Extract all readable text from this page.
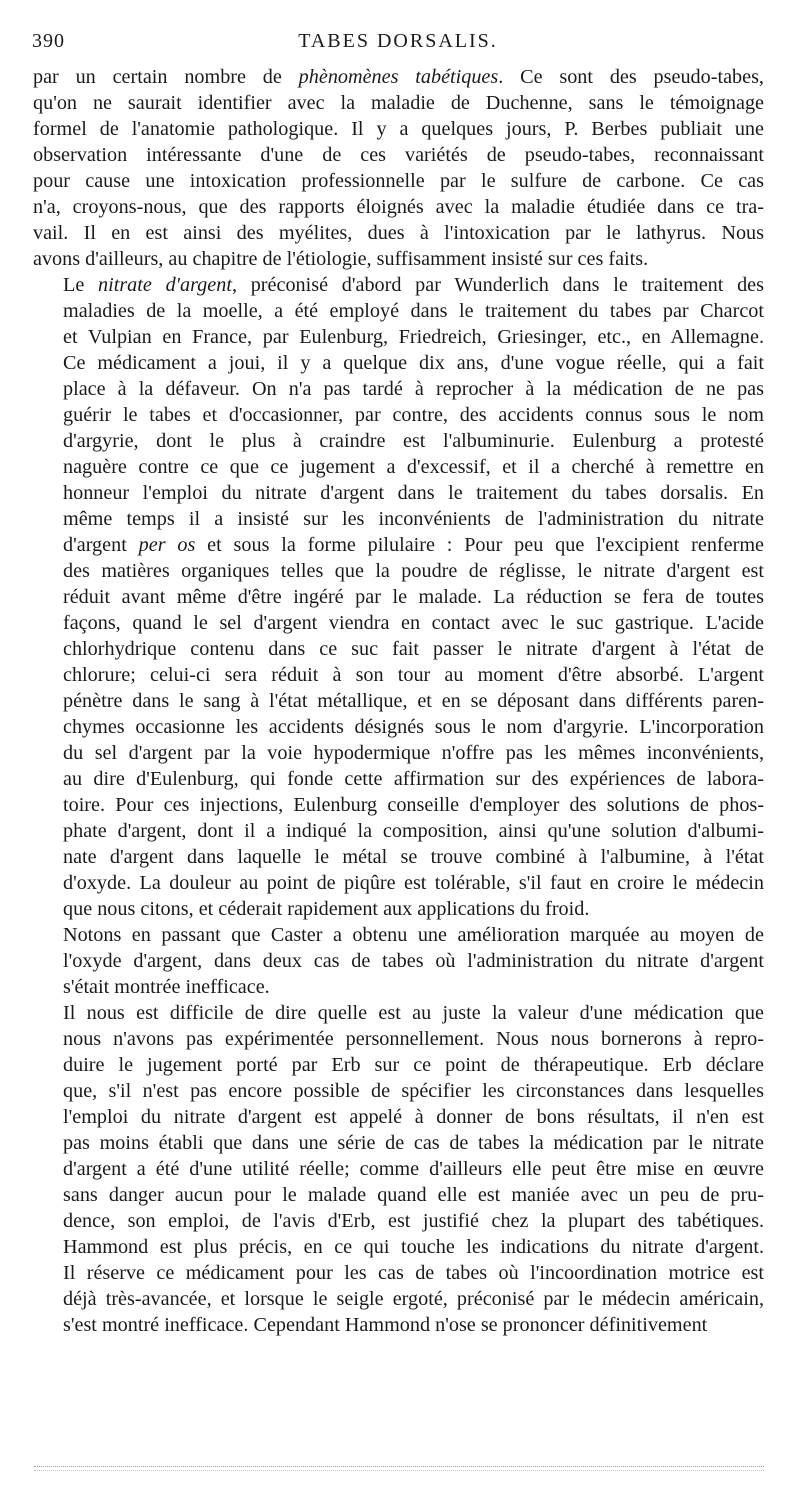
390	TABES DORSALIS.

par un certain nombre de phènomènes tabétiques. Ce sont des pseudo-tabes,
qu'on ne saurait identifier avec la maladie de Duchenne, sans le témoignage
formel de l'anatomie pathologique. Il y a quelques jours, P. Berbes publiait une
observation intéressante d'une de ces variétés de pseudo-tabes, reconnaissant
pour cause une intoxication professionnelle par le sulfure de carbone. Ce cas
n'a, croyons-nous, que des rapports éloignés avec la maladie étudiée dans ce tra-
vail. Il en est ainsi des myélites, dues à l'intoxication par le lathyrus. Nous
avons d'ailleurs, au chapitre de l'étiologie, suffisamment insisté sur ces faits.

Le nitrate d'argent, préconisé d'abord par Wunderlich dans le traitement des
maladies de la moelle, a été employé dans le traitement du tabes par Charcot
et Vulpian en France, par Eulenburg, Friedreich, Griesinger, etc., en Allemagne.
Ce médicament a joui, il y a quelque dix ans, d'une vogue réelle, qui a fait
place à la défaveur. On n'a pas tardé à reprocher à la médication de ne pas
guérir le tabes et d'occasionner, par contre, des accidents connus sous le nom
d'argyrie, dont le plus à craindre est l'albuminurie. Eulenburg a protesté
naguère contre ce que ce jugement a d'excessif, et il a cherché à remettre en
honneur l'emploi du nitrate d'argent dans le traitement du tabes dorsalis. En
même temps il a insisté sur les inconvénients de l'administration du nitrate
d'argent per os et sous la forme pilulaire : Pour peu que l'excipient renferme
des matières organiques telles que la poudre de réglisse, le nitrate d'argent est
réduit avant même d'être ingéré par le malade. La réduction se fera de toutes
façons, quand le sel d'argent viendra en contact avec le suc gastrique. L'acide
chlorhydrique contenu dans ce suc fait passer le nitrate d'argent à l'état de
chlorure; celui-ci sera réduit à son tour au moment d'être absorbé. L'argent
pénètre dans le sang à l'état métallique, et en se déposant dans différents paren-
chymes occasionne les accidents désignés sous le nom d'argyrie. L'incorporation
du sel d'argent par la voie hypodermique n'offre pas les mêmes inconvénients,
au dire d'Eulenburg, qui fonde cette affirmation sur des expériences de labora-
toire. Pour ces injections, Eulenburg conseille d'employer des solutions de phos-
phate d'argent, dont il a indiqué la composition, ainsi qu'une solution d'albumi-
nate d'argent dans laquelle le métal se trouve combiné à l'albumine, à l'état
d'oxyde. La douleur au point de piqûre est tolérable, s'il faut en croire le médecin
que nous citons, et céderait rapidement aux applications du froid.

Notons en passant que Caster a obtenu une amélioration marquée au moyen de
l'oxyde d'argent, dans deux cas de tabes où l'administration du nitrate d'argent
s'était montrée inefficace.

Il nous est difficile de dire quelle est au juste la valeur d'une médication que
nous n'avons pas expérimentée personnellement. Nous nous bornerons à repro-
duire le jugement porté par Erb sur ce point de thérapeutique. Erb déclare
que, s'il n'est pas encore possible de spécifier les circonstances dans lesquelles
l'emploi du nitrate d'argent est appelé à donner de bons résultats, il n'en est
pas moins établi que dans une série de cas de tabes la médication par le nitrate
d'argent a été d'une utilité réelle; comme d'ailleurs elle peut être mise en œuvre
sans danger aucun pour le malade quand elle est maniée avec un peu de pru-
dence, son emploi, de l'avis d'Erb, est justifié chez la plupart des tabétiques.
Hammond est plus précis, en ce qui touche les indications du nitrate d'argent.
Il réserve ce médicament pour les cas de tabes où l'incoordination motrice est
déjà très-avancée, et lorsque le seigle ergoté, préconisé par le médecin américain,
s'est montré inefficace. Cependant Hammond n'ose se prononcer définitivement
